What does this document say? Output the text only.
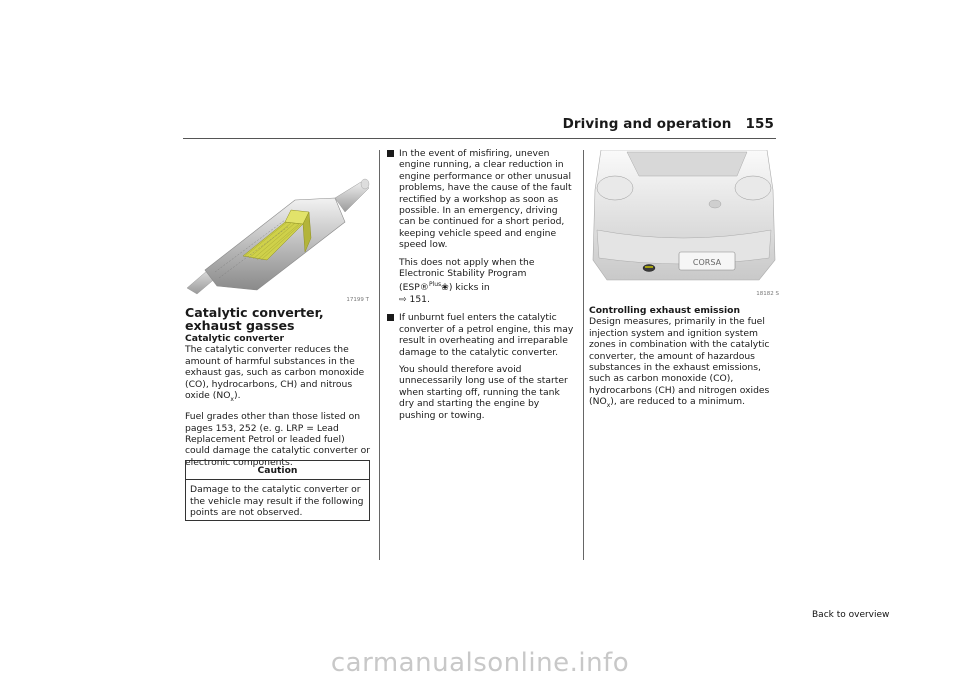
Driving and operation 155
17199 T
Catalytic converter, exhaust gasses
Catalytic converter

The catalytic converter reduces the amount of harmful substances in the exhaust gas, such as carbon monoxide (CO), hydrocarbons, CH) and nitrous oxide $(NO_x)$.

Fuel grades other than those listed on pages 153, 252 (e. g. LRP = Lead Replacement Petrol or leaded fuel) could damage the catalytic converter or electronic components.

Caution
Damage to the catalytic converter or the vehicle may result if the following points are not observed.

In the event of misfiring, uneven engine running, a clear reduction in engine performance or other unusual problems, have the cause of the fault rectified by a workshop as soon as possible. In an emergency, driving can be continued for a short period, keeping vehicle speed and engine speed low.

This does not apply when the Electronic Stability Program (ESP®$^{Plus}$❀) kicks in
⇨ 151.

If unburnt fuel enters the catalytic converter of a petrol engine, this may result in overheating and irreparable damage to the catalytic converter.

You should therefore avoid unnecessarily long use of the starter when starting off, running the tank dry and starting the engine by pushing or towing.

CORSA
18182 S
Controlling exhaust emission

Design measures, primarily in the fuel injection system and ignition system zones in combination with the catalytic converter, the amount of hazardous substances in the exhaust emissions, such as carbon monoxide (CO), hydrocarbons (CH) and nitrogen oxides $(NO_x)$, are reduced to a minimum.

Back to overview
carmanualsonline.info
